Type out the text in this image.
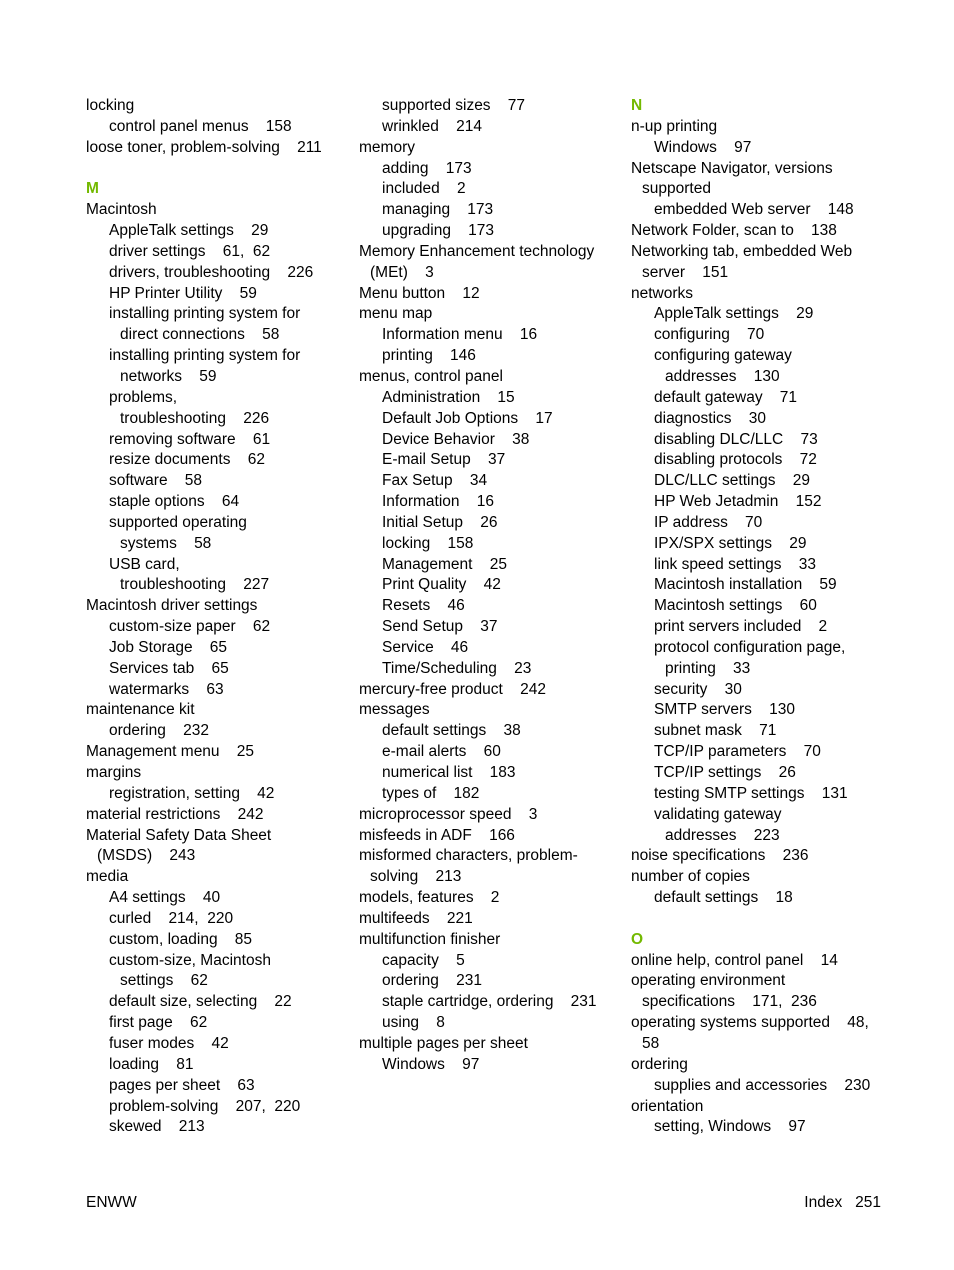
locking
control panel menus    158
loose toner, problem-solving    211
M
Macintosh
AppleTalk settings    29
driver settings    61,  62
drivers, troubleshooting    226
HP Printer Utility    59
installing printing system for
direct connections    58
installing printing system for
networks    59
problems,
troubleshooting    226
removing software    61
resize documents    62
software    58
staple options    64
supported operating
systems    58
USB card,
troubleshooting    227
Macintosh driver settings
custom-size paper    62
Job Storage    65
Services tab    65
watermarks    63
maintenance kit
ordering    232
Management menu    25
margins
registration, setting    42
material restrictions    242
Material Safety Data Sheet
(MSDS)    243
media
A4 settings    40
curled    214,  220
custom, loading    85
custom-size, Macintosh
settings    62
default size, selecting    22
first page    62
fuser modes    42
loading    81
pages per sheet    63
problem-solving    207,  220
skewed    213
supported sizes    77
wrinkled    214
memory
adding    173
included    2
managing    173
upgrading    173
Memory Enhancement technology
(MEt)    3
Menu button    12
menu map
Information menu    16
printing    146
menus, control panel
Administration    15
Default Job Options    17
Device Behavior    38
E-mail Setup    37
Fax Setup    34
Information    16
Initial Setup    26
locking    158
Management    25
Print Quality    42
Resets    46
Send Setup    37
Service    46
Time/Scheduling    23
mercury-free product    242
messages
default settings    38
e-mail alerts    60
numerical list    183
types of    182
microprocessor speed    3
misfeeds in ADF    166
misformed characters, problem-
solving    213
models, features    2
multifeeds    221
multifunction finisher
capacity    5
ordering    231
staple cartridge, ordering    231
using    8
multiple pages per sheet
Windows    97
N
n-up printing
Windows    97
Netscape Navigator, versions
supported
embedded Web server    148
Network Folder, scan to    138
Networking tab, embedded Web
server    151
networks
AppleTalk settings    29
configuring    70
configuring gateway
addresses    130
default gateway    71
diagnostics    30
disabling DLC/LLC    73
disabling protocols    72
DLC/LLC settings    29
HP Web Jetadmin    152
IP address    70
IPX/SPX settings    29
link speed settings    33
Macintosh installation    59
Macintosh settings    60
print servers included    2
protocol configuration page,
printing    33
security    30
SMTP servers    130
subnet mask    71
TCP/IP parameters    70
TCP/IP settings    26
testing SMTP settings    131
validating gateway
addresses    223
noise specifications    236
number of copies
default settings    18
O
online help, control panel    14
operating environment
specifications    171,  236
operating systems supported    48,
58
ordering
supplies and accessories    230
orientation
setting, Windows    97
ENWW	Index   251
